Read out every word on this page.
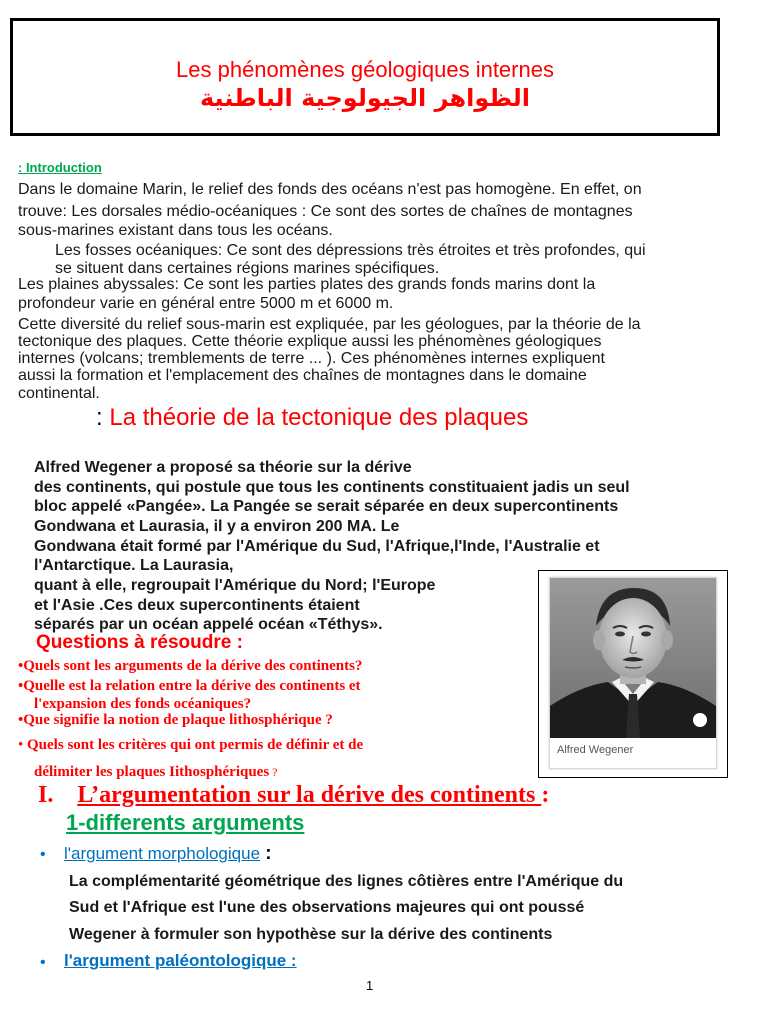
Les phénomènes géologiques internes
الظواهر الجيولوجية الباطنية
: Introduction
Dans le domaine Marin, le relief des fonds des océans n'est pas homogène. En effet, on
trouve: Les dorsales médio-océaniques : Ce sont des sortes de chaînes de montagnes
sous-marines existant dans tous les océans.
Les fosses océaniques: Ce sont des dépressions très étroites et très profondes, qui
se situent dans certaines régions marines spécifiques.
Les plaines abyssales: Ce sont les parties plates des grands fonds marins dont la
profondeur varie en général entre 5000 m et 6000 m.
Cette diversité du relief sous-marin est expliquée, par les géologues, par la théorie de la
tectonique des plaques. Cette théorie explique aussi les phénomènes géologiques
internes (volcans; tremblements de terre ... ). Ces phénomènes internes expliquent
aussi la formation et l'emplacement des chaînes de montagnes dans le domaine
continental.
: La théorie de la tectonique des plaques
Alfred Wegener a proposé sa théorie sur la dérive
des continents, qui postule que tous les continents constituaient jadis un seul
bloc appelé «Pangée». La Pangée se serait séparée en deux supercontinents
Gondwana et Laurasia, il y a environ 200 MA. Le
Gondwana était formé par l'Amérique du Sud, l'Afrique,l'Inde, l'Australie et
l'Antarctique. La Laurasia,
quant à elle, regroupait l'Amérique du Nord; l'Europe
et l'Asie .Ces deux supercontinents étaient
séparés par un océan appelé océan «Téthys».
Alfred Wegener
Questions à résoudre :
•Quels sont les arguments de la dérive des continents?
•Quelle est la relation entre la dérive des continents et
l'expansion des fonds océaniques?
•Que signifie la notion de plaque lithosphérique ?
• Quels sont les critères qui ont permis de définir et de
délimiter les plaques Iithosphériques ?
I. L’argumentation sur la dérive des continents :
1-differents arguments
• l'argument morphologique :
La complémentarité géométrique des lignes côtières entre l'Amérique du
Sud et l'Afrique est l'une des observations majeures qui ont poussé
Wegener à formuler son hypothèse sur la dérive des continents
• l'argument paléontologique :
1
